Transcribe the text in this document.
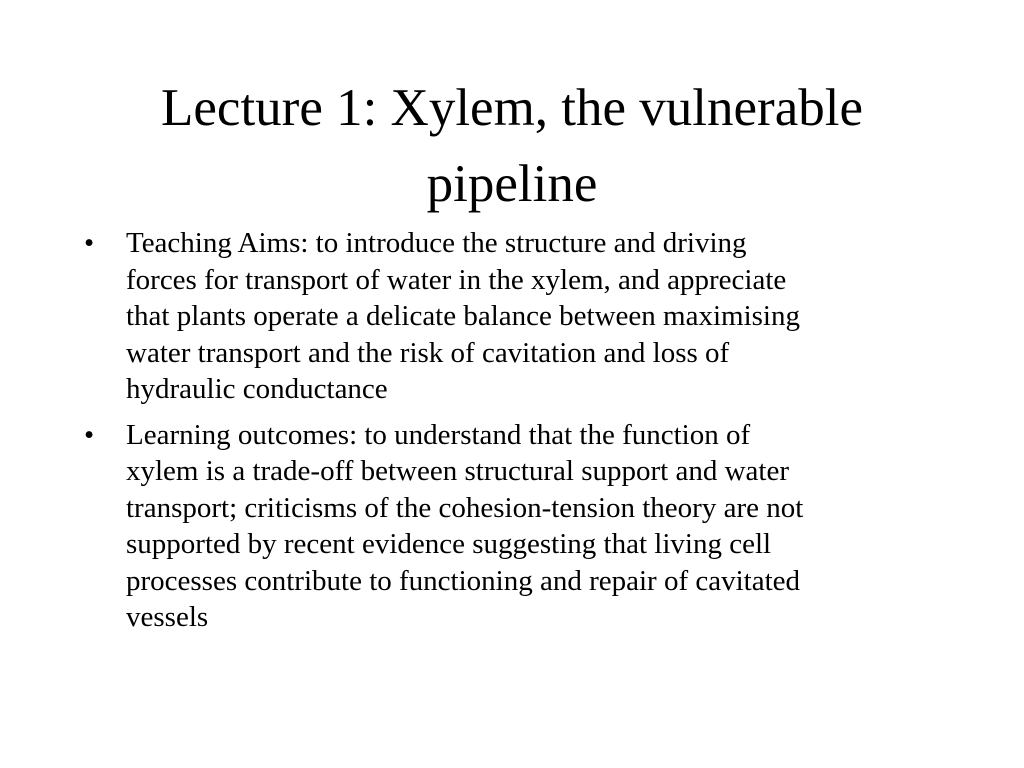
Lecture 1: Xylem, the vulnerable
pipeline
•	Teaching Aims: to introduce the structure and driving
forces for transport of water in the xylem, and appreciate
that plants operate a delicate balance between maximising
water transport and the risk of cavitation and loss of
hydraulic conductance
•	Learning outcomes: to understand that the function of
xylem is a trade-off between structural support and water
transport; criticisms of the cohesion-tension theory are not
supported by recent evidence suggesting that living cell
processes contribute to functioning and repair of cavitated
vessels
